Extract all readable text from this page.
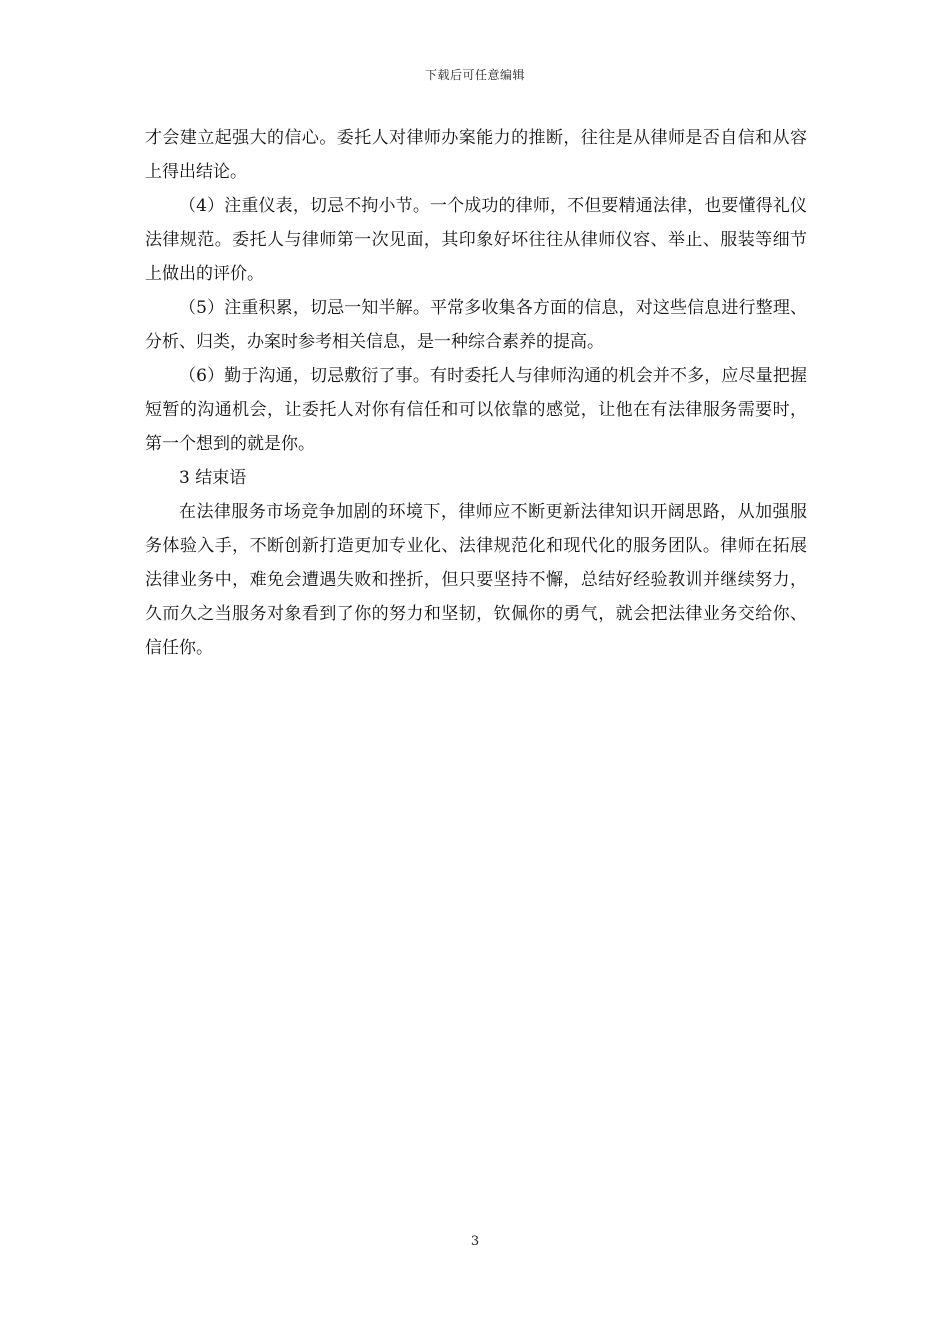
下载后可任意编辑

才会建立起强大的信心。委托人对律师办案能力的推断，往往是从律师是否自信和从容上得出结论。

（4）注重仪表，切忌不拘小节。一个成功的律师，不但要精通法律，也要懂得礼仪法律规范。委托人与律师第一次见面，其印象好坏往往从律师仪容、举止、服装等细节上做出的评价。

（5）注重积累，切忌一知半解。平常多收集各方面的信息，对这些信息进行整理、分析、归类，办案时参考相关信息，是一种综合素养的提高。

（6）勤于沟通，切忌敷衍了事。有时委托人与律师沟通的机会并不多，应尽量把握短暂的沟通机会，让委托人对你有信任和可以依靠的感觉，让他在有法律服务需要时，第一个想到的就是你。

3 结束语

在法律服务市场竞争加剧的环境下，律师应不断更新法律知识开阔思路，从加强服务体验入手，不断创新打造更加专业化、法律规范化和现代化的服务团队。律师在拓展法律业务中，难免会遭遇失败和挫折，但只要坚持不懈，总结好经验教训并继续努力，久而久之当服务对象看到了你的努力和坚韧，钦佩你的勇气，就会把法律业务交给你、信任你。

3
